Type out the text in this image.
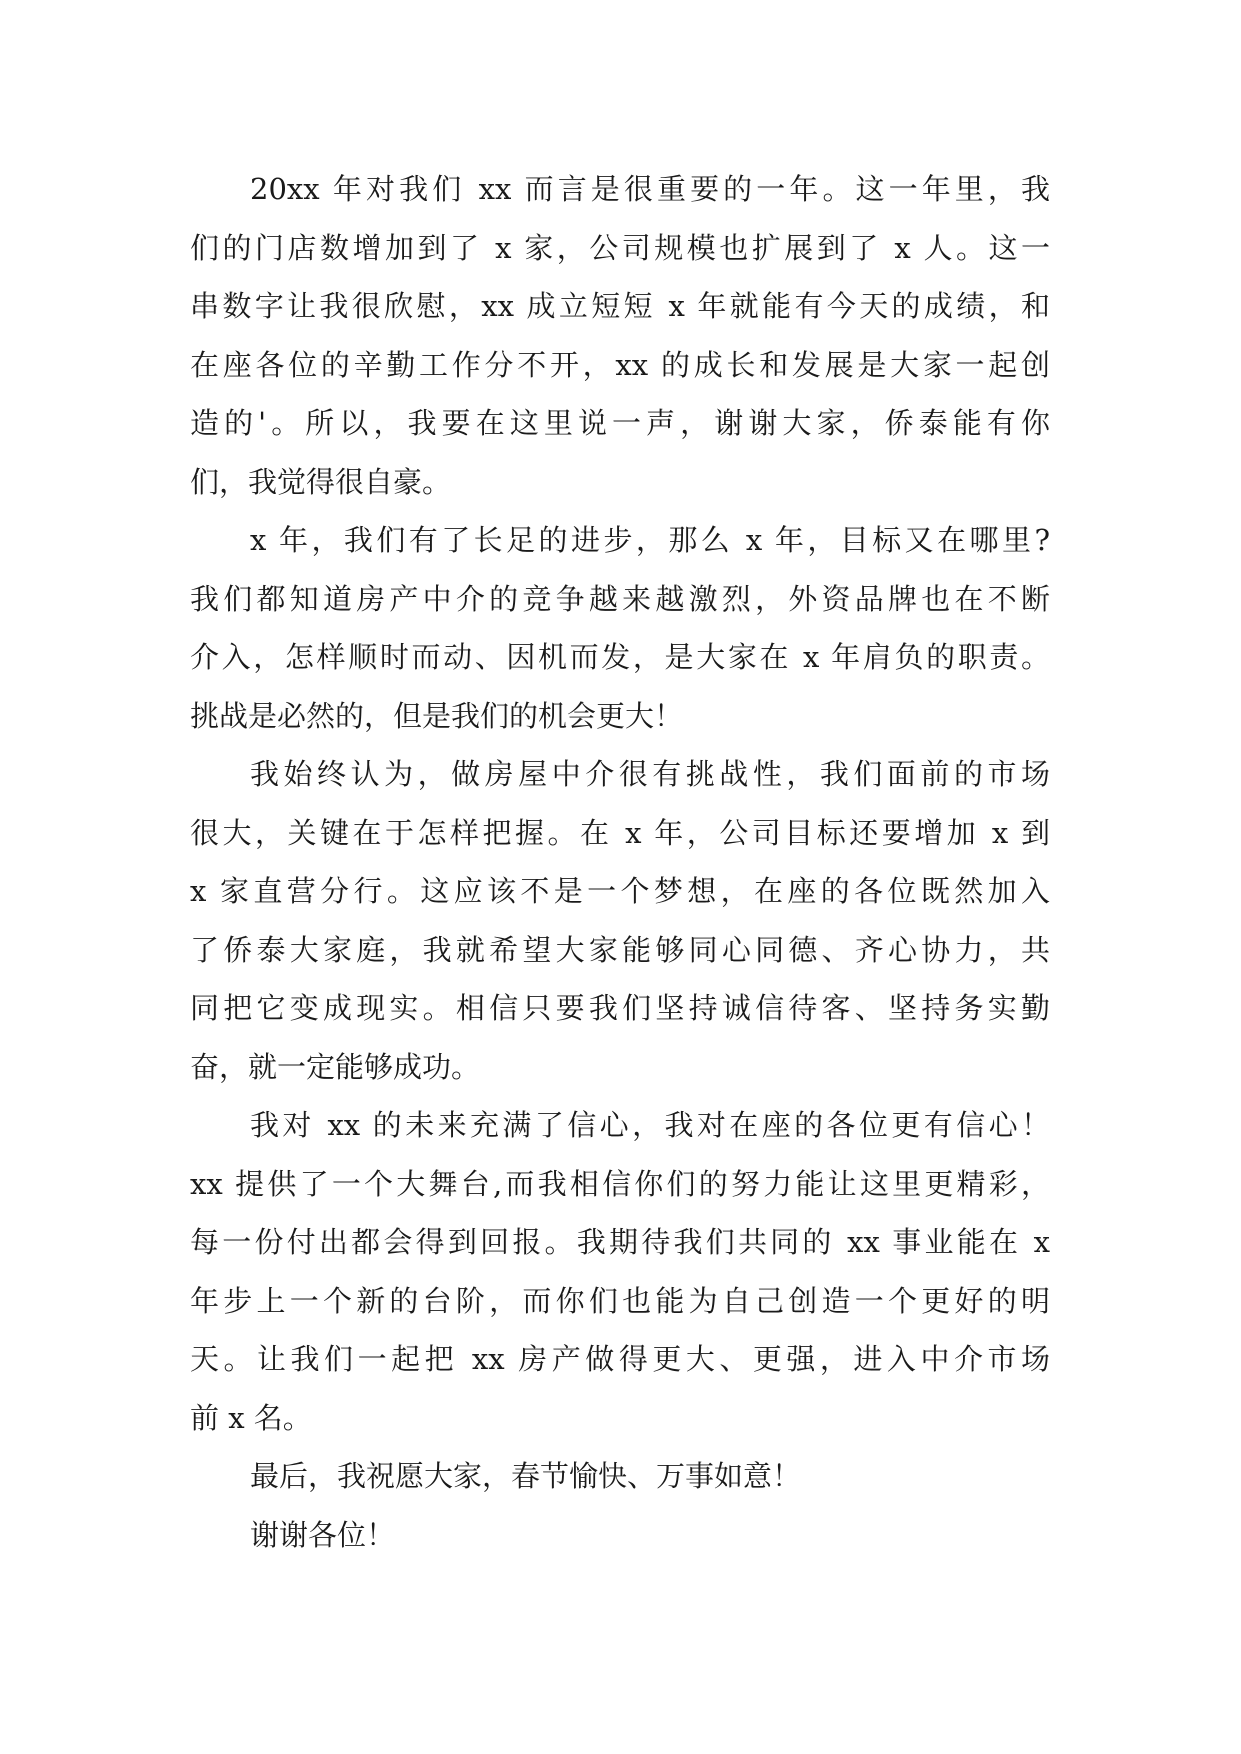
20xx 年对我们 xx 而言是很重要的一年。这一年里，我
们的门店数增加到了 x 家，公司规模也扩展到了 x 人。这一
串数字让我很欣慰，xx 成立短短 x 年就能有今天的成绩，和
在座各位的辛勤工作分不开，xx 的成长和发展是大家一起创
造的'。所以，我要在这里说一声，谢谢大家，侨泰能有你
们，我觉得很自豪。
x 年，我们有了长足的进步，那么 x 年，目标又在哪里?
我们都知道房产中介的竞争越来越激烈，外资品牌也在不断
介入，怎样顺时而动、因机而发，是大家在 x 年肩负的职责。
挑战是必然的，但是我们的机会更大！
我始终认为，做房屋中介很有挑战性，我们面前的市场
很大，关键在于怎样把握。在 x 年，公司目标还要增加 x 到
x 家直营分行。这应该不是一个梦想，在座的各位既然加入
了侨泰大家庭，我就希望大家能够同心同德、齐心协力，共
同把它变成现实。相信只要我们坚持诚信待客、坚持务实勤
奋，就一定能够成功。
我对 xx 的未来充满了信心，我对在座的各位更有信心！
xx 提供了一个大舞台,而我相信你们的努力能让这里更精彩，
每一份付出都会得到回报。我期待我们共同的 xx 事业能在 x
年步上一个新的台阶，而你们也能为自己创造一个更好的明
天。让我们一起把 xx 房产做得更大、更强，进入中介市场
前 x 名。
最后，我祝愿大家，春节愉快、万事如意！
谢谢各位！
